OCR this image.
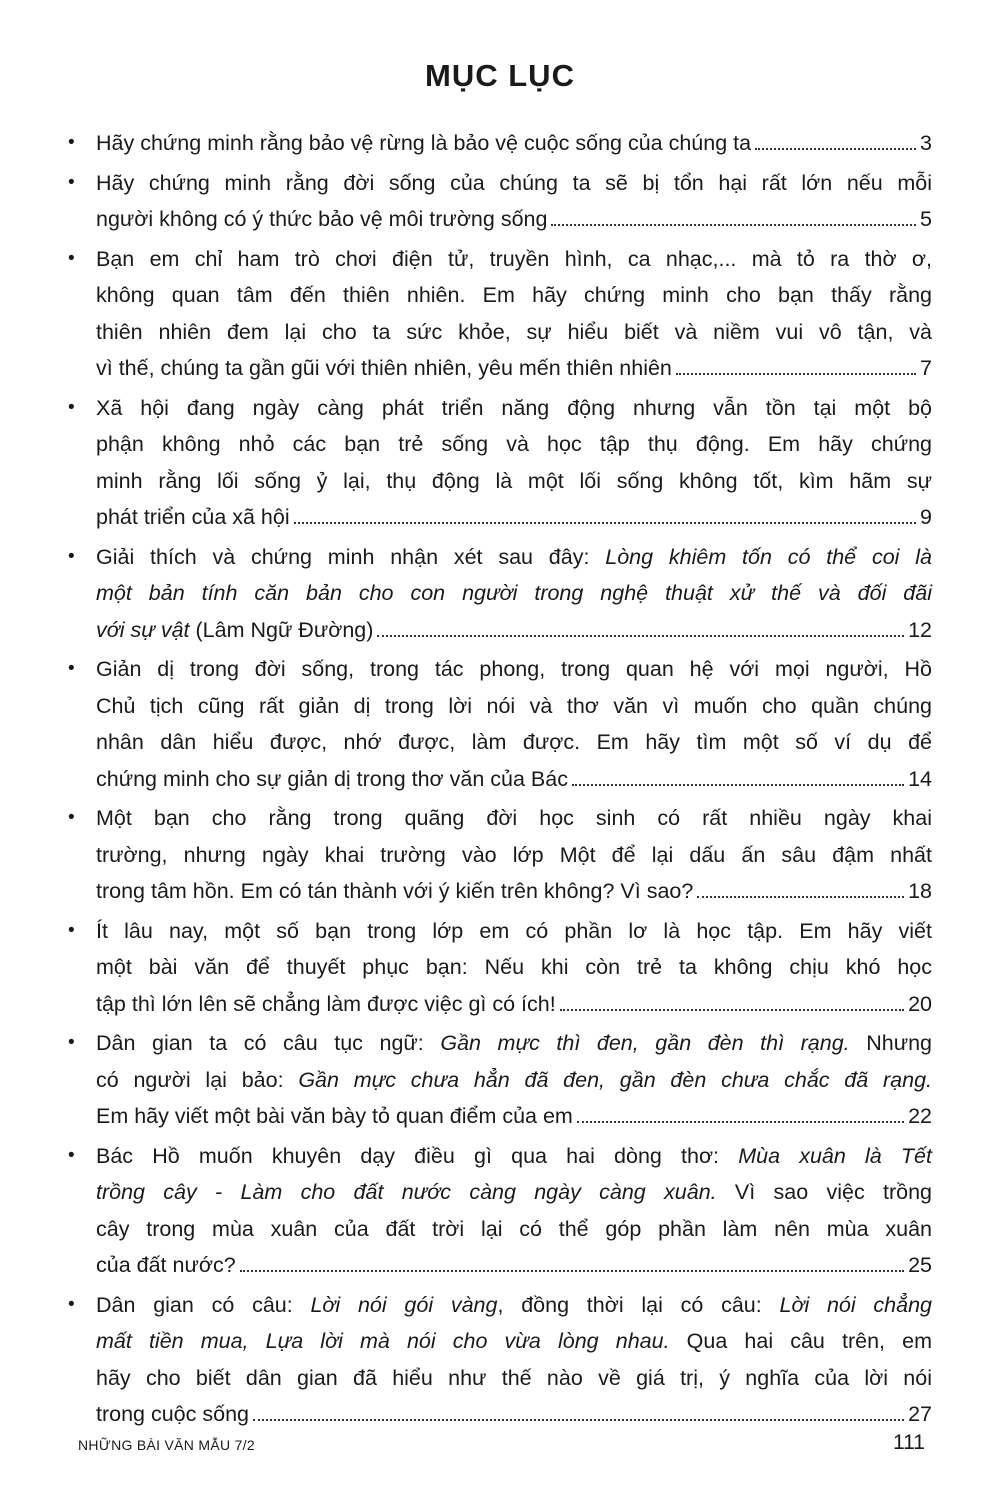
MỤC LỤC
• Hãy chứng minh rằng bảo vệ rừng là bảo vệ cuộc sống của chúng ta	3
• Hãy chứng minh rằng đời sống của chúng ta sẽ bị tổn hại rất lớn nếu mỗi
người không có ý thức bảo vệ môi trường sống	5
• Bạn em chỉ ham trò chơi điện tử, truyền hình, ca nhạc,... mà tỏ ra thờ ơ,
không quan tâm đến thiên nhiên. Em hãy chứng minh cho bạn thấy rằng
thiên nhiên đem lại cho ta sức khỏe, sự hiểu biết và niềm vui vô tận, và
vì thế, chúng ta gần gũi với thiên nhiên, yêu mến thiên nhiên	7
• Xã hội đang ngày càng phát triển năng động nhưng vẫn tồn tại một bộ
phận không nhỏ các bạn trẻ sống và học tập thụ động. Em hãy chứng
minh rằng lối sống ỷ lại, thụ động là một lối sống không tốt, kìm hãm sự
phát triển của xã hội	9
• Giải thích và chứng minh nhận xét sau đây: Lòng khiêm tốn có thể coi là
một bản tính căn bản cho con người trong nghệ thuật xử thế và đối đãi
với sự vật (Lâm Ngữ Đường)	12
• Giản dị trong đời sống, trong tác phong, trong quan hệ với mọi người, Hồ
Chủ tịch cũng rất giản dị trong lời nói và thơ văn vì muốn cho quần chúng
nhân dân hiểu được, nhớ được, làm được. Em hãy tìm một số ví dụ để
chứng minh cho sự giản dị trong thơ văn của Bác	14
• Một bạn cho rằng trong quãng đời học sinh có rất nhiều ngày khai
trường, nhưng ngày khai trường vào lớp Một để lại dấu ấn sâu đậm nhất
trong tâm hồn. Em có tán thành với ý kiến trên không? Vì sao?	18
• Ít lâu nay, một số bạn trong lớp em có phần lơ là học tập. Em hãy viết
một bài văn để thuyết phục bạn: Nếu khi còn trẻ ta không chịu khó học
tập thì lớn lên sẽ chẳng làm được việc gì có ích!	20
• Dân gian ta có câu tục ngữ: Gần mực thì đen, gần đèn thì rạng. Nhưng
có người lại bảo: Gần mực chưa hẳn đã đen, gần đèn chưa chắc đã rạng.
Em hãy viết một bài văn bày tỏ quan điểm của em	22
• Bác Hồ muốn khuyên dạy điều gì qua hai dòng thơ: Mùa xuân là Tết
trồng cây - Làm cho đất nước càng ngày càng xuân. Vì sao việc trồng
cây trong mùa xuân của đất trời lại có thể góp phần làm nên mùa xuân
của đất nước?	25
• Dân gian có câu: Lời nói gói vàng, đồng thời lại có câu: Lời nói chẳng
mất tiền mua, Lựa lời mà nói cho vừa lòng nhau. Qua hai câu trên, em
hãy cho biết dân gian đã hiểu như thế nào về giá trị, ý nghĩa của lời nói
trong cuộc sống	27
NHỮNG BÀI VĂN MẪU 7/2	111
